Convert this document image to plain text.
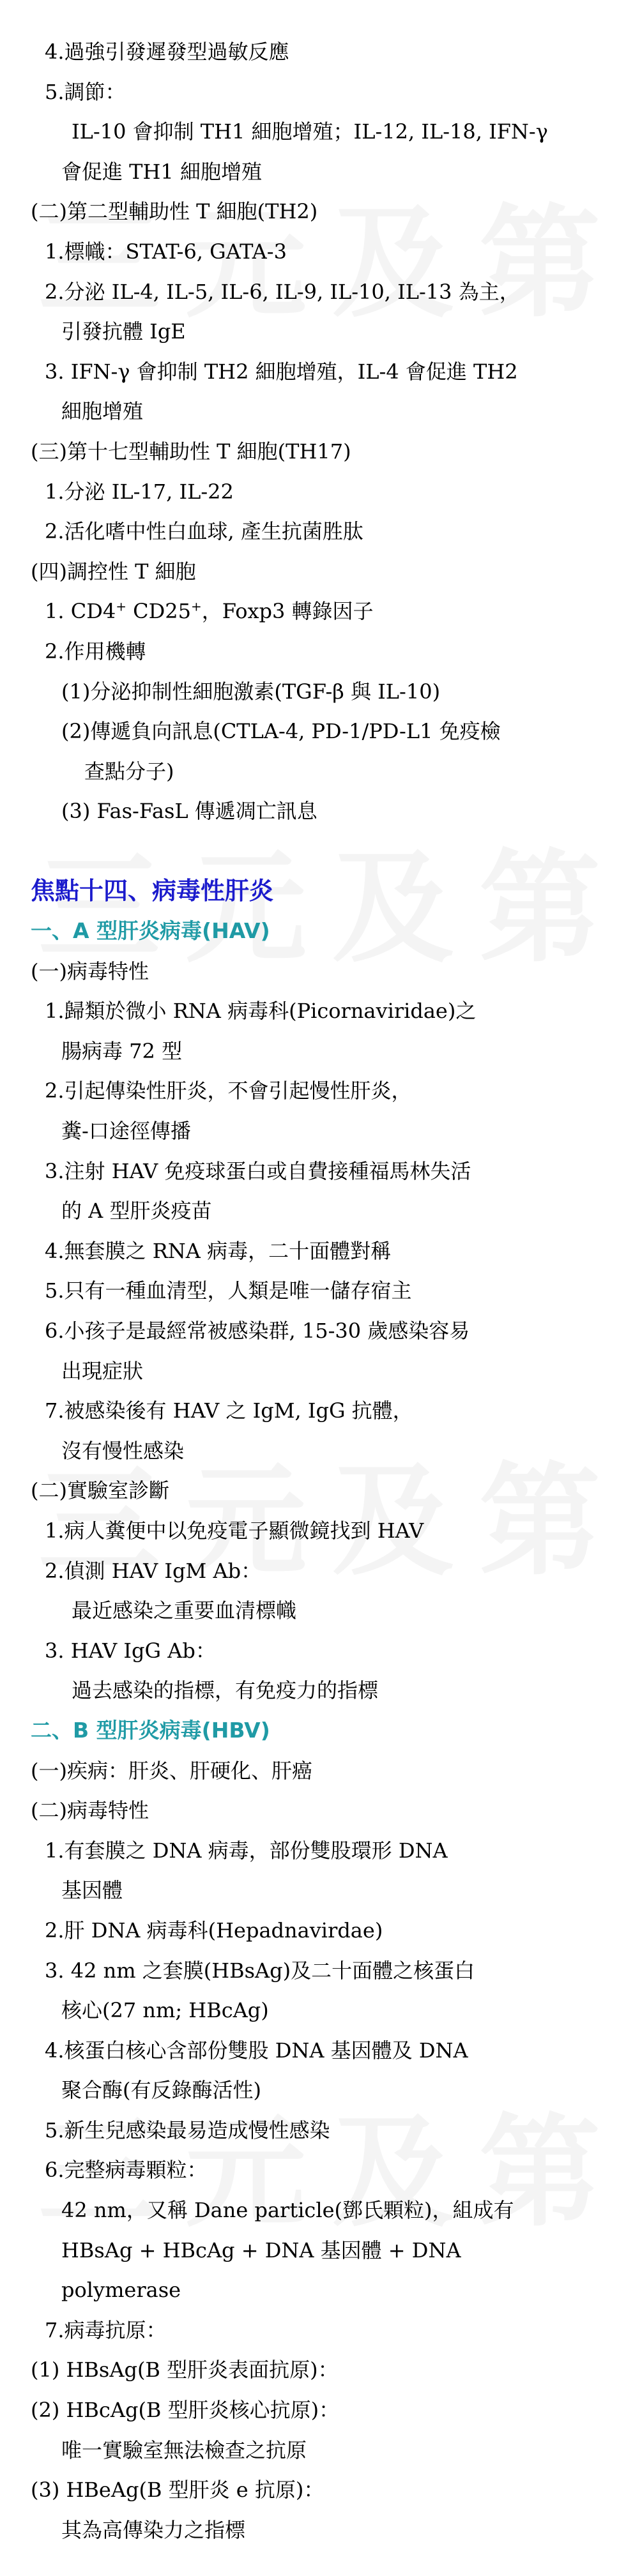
4.過強引發遲發型過敏反應
5.調節：
IL-10 會抑制 TH1 細胞增殖；IL-12, IL-18, IFN-γ
會促進 TH1 細胞增殖
(二)第二型輔助性 T 細胞(TH2)
1.標幟：STAT-6, GATA-3
2.分泌 IL-4, IL-5, IL-6, IL-9, IL-10, IL-13 為主，
引發抗體 IgE
3. IFN-γ 會抑制 TH2 細胞增殖，IL-4 會促進 TH2
細胞增殖
(三)第十七型輔助性 T 細胞(TH17)
1.分泌 IL-17, IL-22
2.活化嗜中性白血球, 產生抗菌胜肽
(四)調控性 T 細胞
1. CD4+ CD25+，Foxp3 轉錄因子
2.作用機轉
(1)分泌抑制性細胞激素(TGF-β 與 IL-10)
(2)傳遞負向訊息(CTLA-4, PD-1/PD-L1 免疫檢
查點分子)
(3) Fas-FasL 傳遞凋亡訊息
焦點十四、病毒性肝炎
一、A 型肝炎病毒(HAV)
(一)病毒特性
1.歸類於微小 RNA 病毒科(Picornaviridae)之
腸病毒 72 型
2.引起傳染性肝炎，不會引起慢性肝炎，
糞-口途徑傳播
3.注射 HAV 免疫球蛋白或自費接種福馬林失活
的 A 型肝炎疫苗
4.無套膜之 RNA 病毒，二十面體對稱
5.只有一種血清型，人類是唯一儲存宿主
6.小孩子是最經常被感染群, 15-30 歲感染容易
出現症狀
7.被感染後有 HAV 之 IgM, IgG 抗體，
沒有慢性感染
(二)實驗室診斷
1.病人糞便中以免疫電子顯微鏡找到 HAV
2.偵測 HAV IgM Ab：
最近感染之重要血清標幟
3. HAV IgG Ab：
過去感染的指標，有免疫力的指標
二、B 型肝炎病毒(HBV)
(一)疾病：肝炎、肝硬化、肝癌
(二)病毒特性
1.有套膜之 DNA 病毒，部份雙股環形 DNA
基因體
2.肝 DNA 病毒科(Hepadnavirdae)
3. 42 nm 之套膜(HBsAg)及二十面體之核蛋白
核心(27 nm; HBcAg)
4.核蛋白核心含部份雙股 DNA 基因體及 DNA
聚合酶(有反錄酶活性)
5.新生兒感染最易造成慢性感染
6.完整病毒顆粒：
42 nm，又稱 Dane particle(鄧氏顆粒)，組成有
HBsAg + HBcAg + DNA 基因體 + DNA
polymerase
7.病毒抗原：
(1) HBsAg(B 型肝炎表面抗原)：
(2) HBcAg(B 型肝炎核心抗原)：
唯一實驗室無法檢查之抗原
(3) HBeAg(B 型肝炎 e 抗原)：
其為高傳染力之指標
